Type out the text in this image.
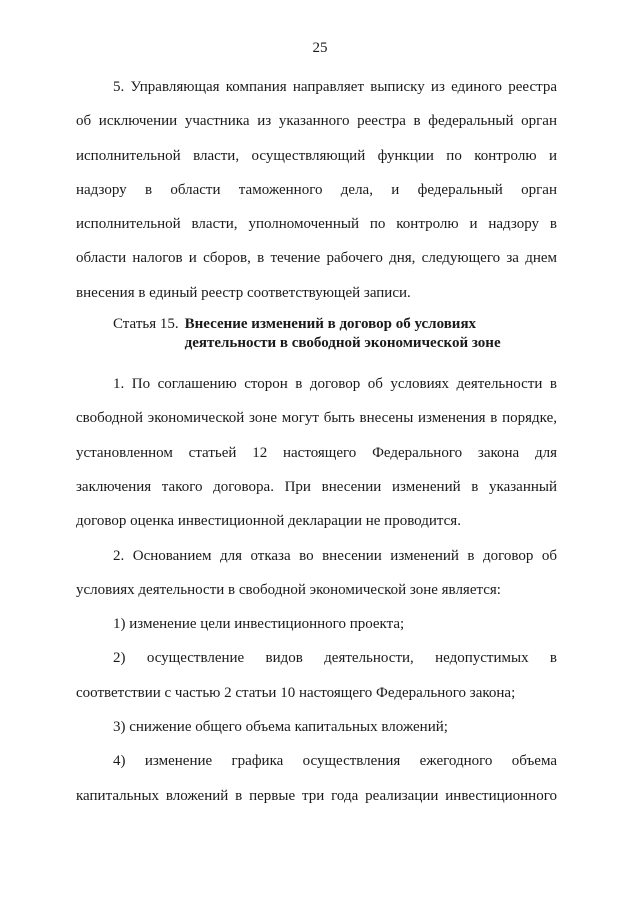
25

5. Управляющая компания направляет выписку из единого реестра об исключении участника из указанного реестра в федеральный орган исполнительной власти, осуществляющий функции по контролю и надзору в области таможенного дела, и федеральный орган исполнительной власти, уполномоченный по контролю и надзору в области налогов и сборов, в течение рабочего дня, следующего за днем внесения в единый реестр соответствующей записи.

Статья 15. Внесение изменений в договор об условиях деятельности в свободной экономической зоне

1. По соглашению сторон в договор об условиях деятельности в свободной экономической зоне могут быть внесены изменения в порядке, установленном статьей 12 настоящего Федерального закона для заключения такого договора. При внесении изменений в указанный договор оценка инвестиционной декларации не проводится.

2. Основанием для отказа во внесении изменений в договор об условиях деятельности в свободной экономической зоне является:

1) изменение цели инвестиционного проекта;

2) осуществление видов деятельности, недопустимых в соответствии с частью 2 статьи 10 настоящего Федерального закона;

3) снижение общего объема капитальных вложений;

4) изменение графика осуществления ежегодного объема капитальных вложений в первые три года реализации инвестиционного
